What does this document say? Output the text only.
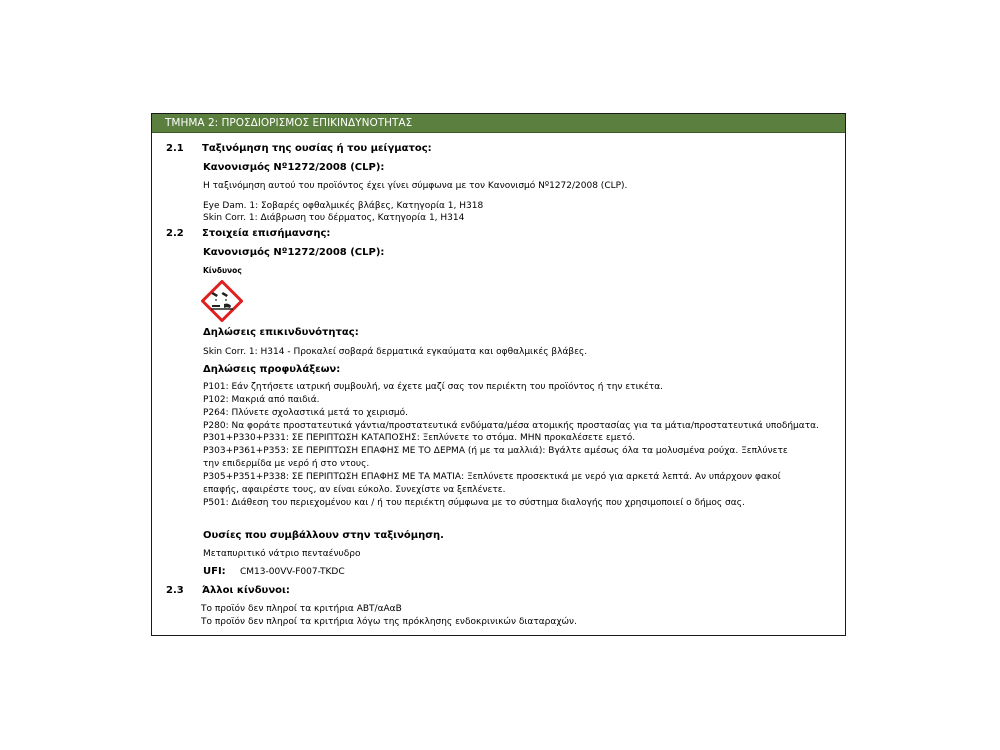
ΤΜΗΜΑ 2: ΠΡΟΣΔΙΟΡΙΣΜΟΣ ΕΠΙΚΙΝΔΥΝΟΤΗΤΑΣ
2.1 Ταξινόμηση της ουσίας ή του μείγματος:
Κανονισμός Nº1272/2008 (CLP):
Η ταξινόμηση αυτού του προϊόντος έχει γίνει σύμφωνα με τον Κανονισμό Nº1272/2008 (CLP).
Eye Dam. 1: Σοβαρές οφθαλμικές βλάβες, Κατηγορία 1, H318
Skin Corr. 1: Διάβρωση του δέρματος, Κατηγορία 1, H314
2.2 Στοιχεία επισήμανσης:
Κανονισμός Nº1272/2008 (CLP):
Κίνδυνος
Δηλώσεις επικινδυνότητας:
Skin Corr. 1: H314 - Προκαλεί σοβαρά δερματικά εγκαύματα και οφθαλμικές βλάβες.
Δηλώσεις προφυλάξεων:
P101: Εάν ζητήσετε ιατρική συμβουλή, να έχετε μαζί σας τον περιέκτη του προϊόντος ή την ετικέτα.
P102: Μακριά από παιδιά.
P264: Πλύνετε σχολαστικά μετά το χειρισμό.
P280: Να φοράτε προστατευτικά γάντια/προστατευτικά ενδύματα/μέσα ατομικής προστασίας για τα μάτια/προστατευτικά υποδήματα.
P301+P330+P331: ΣΕ ΠΕΡΙΠΤΩΣΗ ΚΑΤΑΠΟΣΗΣ: Ξεπλύνετε το στόμα. ΜΗΝ προκαλέσετε εμετό.
P303+P361+P353: ΣΕ ΠΕΡΙΠΤΩΣΗ ΕΠΑΦΗΣ ΜΕ ΤΟ ΔΕΡΜΑ (ή με τα μαλλιά): Βγάλτε αμέσως όλα τα μολυσμένα ρούχα. Ξεπλύνετε
την επιδερμίδα με νερό ή στο ντους.
P305+P351+P338: ΣΕ ΠΕΡΙΠΤΩΣΗ ΕΠΑΦΗΣ ΜΕ ΤΑ ΜΑΤΙΑ: Ξεπλύνετε προσεκτικά με νερό για αρκετά λεπτά. Αν υπάρχουν φακοί
επαφής, αφαιρέστε τους, αν είναι εύκολο. Συνεχίστε να ξεπλένετε.
P501: Διάθεση του περιεχομένου και / ή του περιέκτη σύμφωνα με το σύστημα διαλογής που χρησιμοποιεί ο δήμος σας.
Ουσίες που συμβάλλουν στην ταξινόμηση.
Μεταπυριτικό νάτριο πενταένυδρο
UFI: CM13-00VV-F007-TKDC
2.3 Άλλοι κίνδυνοι:
Το προϊόν δεν πληροί τα κριτήρια ΑΒΤ/αΑαΒ
Το προϊόν δεν πληροί τα κριτήρια λόγω της πρόκλησης ενδοκρινικών διαταραχών.
